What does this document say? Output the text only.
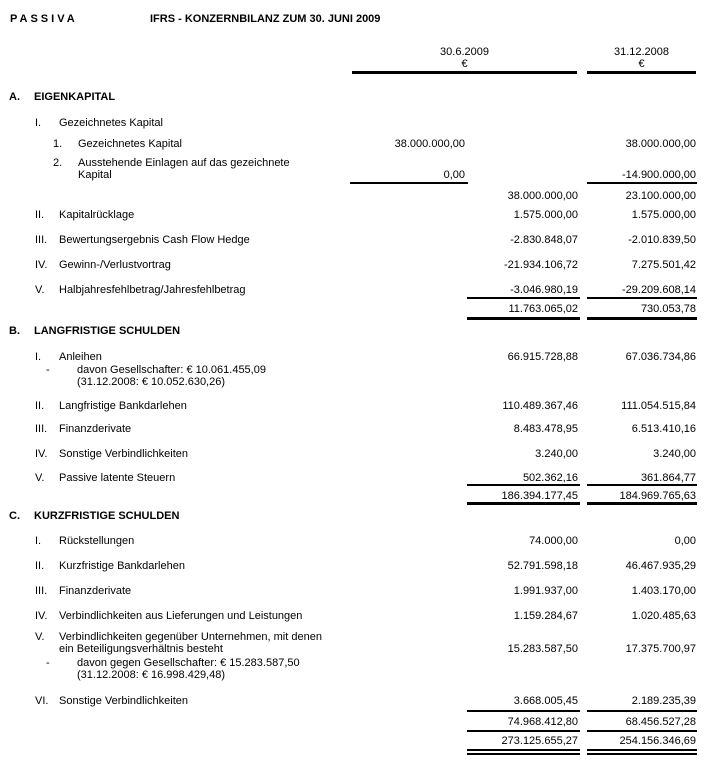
PASSIVA	IFRS - KONZERNBILANZ ZUM 30. JUNI 2009
30.6.2009	31.12.2008
€	€
A. EIGENKAPITAL
I. Gezeichnetes Kapital
1. Gezeichnetes Kapital	38.000.000,00	38.000.000,00
2. Ausstehende Einlagen auf das gezeichnete
Kapital	0,00	-14.900.000,00
38.000.000,00	23.100.000,00
II. Kapitalrücklage	1.575.000,00	1.575.000,00
III. Bewertungsergebnis Cash Flow Hedge	-2.830.848,07	-2.010.839,50
IV. Gewinn-/Verlustvortrag	-21.934.106,72	7.275.501,42
V. Halbjahresfehlbetrag/Jahresfehlbetrag	-3.046.980,19	-29.209.608,14
11.763.065,02	730.053,78
B. LANGFRISTIGE SCHULDEN
I. Anleihen	66.915.728,88	67.036.734,86
- davon Gesellschafter: € 10.061.455,09
(31.12.2008: € 10.052.630,26)
II. Langfristige Bankdarlehen	110.489.367,46	111.054.515,84
III. Finanzderivate	8.483.478,95	6.513.410,16
IV. Sonstige Verbindlichkeiten	3.240,00	3.240,00
V. Passive latente Steuern	502.362,16	361.864,77
186.394.177,45	184.969.765,63
C. KURZFRISTIGE SCHULDEN
I. Rückstellungen	74.000,00	0,00
II. Kurzfristige Bankdarlehen	52.791.598,18	46.467.935,29
III. Finanzderivate	1.991.937,00	1.403.170,00
IV. Verbindlichkeiten aus Lieferungen und Leistungen	1.159.284,67	1.020.485,63
V. Verbindlichkeiten gegenüber Unternehmen, mit denen
ein Beteiligungsverhältnis besteht	15.283.587,50	17.375.700,97
- davon gegen Gesellschafter: € 15.283.587,50
(31.12.2008: € 16.998.429,48)
VI. Sonstige Verbindlichkeiten	3.668.005,45	2.189.235,39
74.968.412,80	68.456.527,28
273.125.655,27	254.156.346,69
